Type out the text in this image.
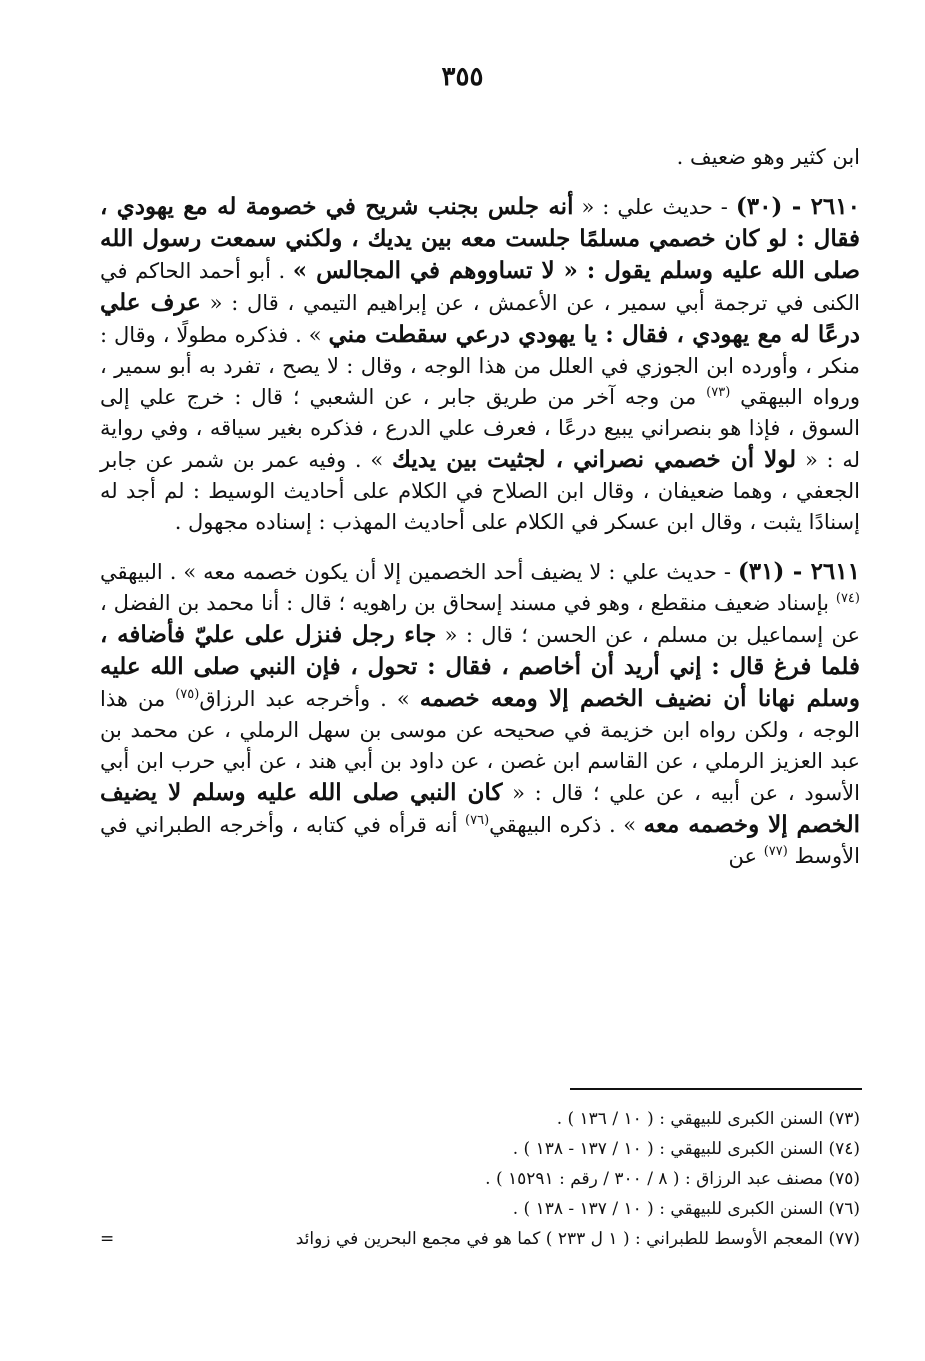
٣٥٥

ابن كثير وهو ضعيف .

٢٦١٠ - (٣٠) - حديث علي : « أنه جلس بجنب شريح في خصومة له مع يهودي ، فقال : لو كان خصمي مسلمًا جلست معه بين يديك ، ولكني سمعت رسول الله صلى الله عليه وسلم يقول : « لا تساووهم في المجالس » . أبو أحمد الحاكم في الكنى في ترجمة أبي سمير ، عن الأعمش ، عن إبراهيم التيمي ، قال : « عرف علي درعًا له مع يهودي ، فقال : يا يهودي درعي سقطت مني » . فذكره مطولًا ، وقال : منكر ، وأورده ابن الجوزي في العلل من هذا الوجه ، وقال : لا يصح ، تفرد به أبو سمير ، ورواه البيهقي $^{(٧٣)}$ من وجه آخر من طريق جابر ، عن الشعبي ؛ قال : خرج علي إلى السوق ، فإذا هو بنصراني يبيع درعًا ، فعرف علي الدرع ، فذكره بغير سياقه ، وفي رواية له : « لولا أن خصمي نصراني ، لجثيت بين يديك » . وفيه عمر بن شمر عن جابر الجعفي ، وهما ضعيفان ، وقال ابن الصلاح في الكلام على أحاديث الوسيط : لم أجد له إسنادًا يثبت ، وقال ابن عسكر في الكلام على أحاديث المهذب : إسناده مجهول .

٢٦١١ - (٣١) - حديث علي : لا يضيف أحد الخصمين إلا أن يكون خصمه معه » . البيهقي $^{(٧٤)}$ بإسناد ضعيف منقطع ، وهو في مسند إسحاق بن راهويه ؛ قال : أنا محمد بن الفضل ، عن إسماعيل بن مسلم ، عن الحسن ؛ قال : « جاء رجل فنزل على عليّ فأضافه ، فلما فرغ قال : إني أريد أن أخاصم ، فقال : تحول ، فإن النبي صلى الله عليه وسلم نهانا أن نضيف الخصم إلا ومعه خصمه » . وأخرجه عبد الرزاق$^{(٧٥)}$ من هذا الوجه ، ولكن رواه ابن خزيمة في صحيحه عن موسى بن سهل الرملي ، عن محمد بن عبد العزيز الرملي ، عن القاسم ابن غصن ، عن داود بن أبي هند ، عن أبي حرب ابن أبي الأسود ، عن أبيه ، عن علي ؛ قال : « كان النبي صلى الله عليه وسلم لا يضيف الخصم إلا وخصمه معه » . ذكره البيهقي$^{(٧٦)}$ أنه قرأه في كتابه ، وأخرجه الطبراني في الأوسط $^{(٧٧)}$ عن

(٧٣) السنن الكبرى للبيهقي : ( ١٠ / ١٣٦ ) .

(٧٤) السنن الكبرى للبيهقي : ( ١٠ / ١٣٧ - ١٣٨ ) .

(٧٥) مصنف عبد الرزاق : ( ٨ / ٣٠٠ / رقم : ١٥٢٩١ ) .

(٧٦) السنن الكبرى للبيهقي : ( ١٠ / ١٣٧ - ١٣٨ ) .

(٧٧) المعجم الأوسط للطبراني : ( ١ ل ٢٣٣ ) كما هو في مجمع البحرين في زوائد
=
